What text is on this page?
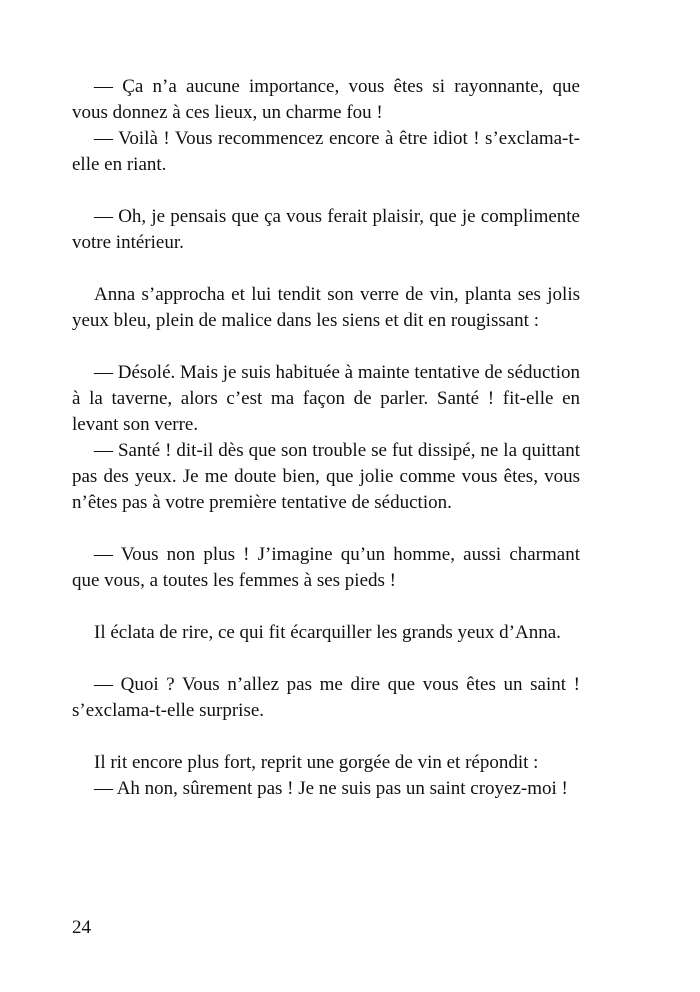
— Ça n’a aucune importance, vous êtes si rayonnante, que vous donnez à ces lieux, un charme fou !

— Voilà ! Vous recommencez encore à être idiot ! s’exclama-t-elle en riant.

— Oh, je pensais que ça vous ferait plaisir, que je complimente votre intérieur.

Anna s’approcha et lui tendit son verre de vin, planta ses jolis yeux bleu, plein de malice dans les siens et dit en rougissant :

— Désolé. Mais je suis habituée à mainte tentative de séduction à la taverne, alors c’est ma façon de parler. Santé ! fit-elle en levant son verre.

— Santé ! dit-il dès que son trouble se fut dissipé, ne la quittant pas des yeux. Je me doute bien, que jolie comme vous êtes, vous n’êtes pas à votre première tentative de séduction.

— Vous non plus ! J’imagine qu’un homme, aussi charmant que vous, a toutes les femmes à ses pieds !

Il éclata de rire, ce qui fit écarquiller les grands yeux d’Anna.

— Quoi ? Vous n’allez pas me dire que vous êtes un saint ! s’exclama-t-elle surprise.

Il rit encore plus fort, reprit une gorgée de vin et répondit :

— Ah non, sûrement pas ! Je ne suis pas un saint croyez-moi !

24
